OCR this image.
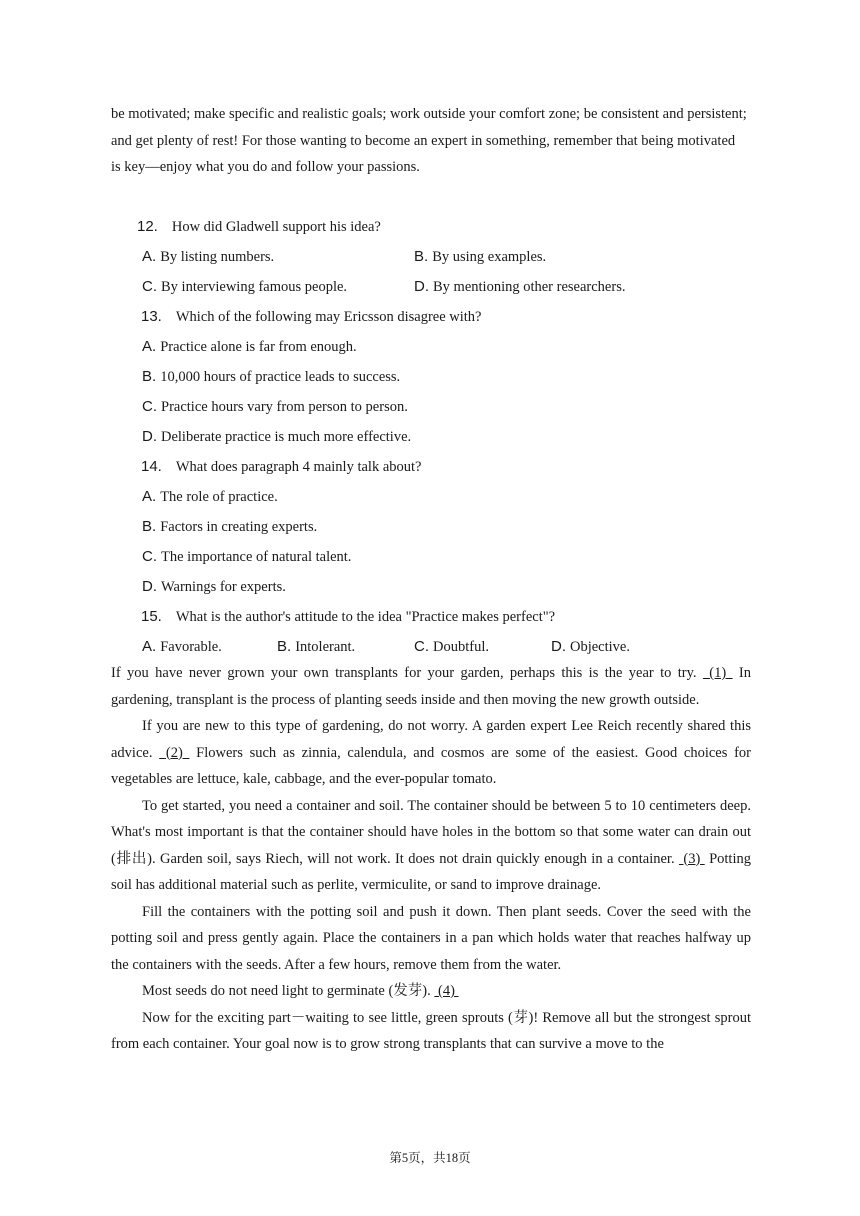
be motivated; make specific and realistic goals; work outside your comfort zone; be consistent and persistent; and get plenty of rest! For those wanting to become an expert in something, remember that being motivated is key—enjoy what you do and follow your passions.

12. How did Gladwell support his idea?
A. By listing numbers.	B. By using examples.
C. By interviewing famous people.	D. By mentioning other researchers.
13. Which of the following may Ericsson disagree with?
A. Practice alone is far from enough.
B. 10,000 hours of practice leads to success.
C. Practice hours vary from person to person.
D. Deliberate practice is much more effective.
14. What does paragraph 4 mainly talk about?
A. The role of practice.
B. Factors in creating experts.
C. The importance of natural talent.
D. Warnings for experts.
15. What is the author's attitude to the idea "Practice makes perfect"?
A. Favorable.	B. Intolerant.	C. Doubtful.	D. Objective.

If you have never grown your own transplants for your garden, perhaps this is the year to try.  (1)  In gardening, transplant is the process of planting seeds inside and then moving the new growth outside.

If you are new to this type of gardening, do not worry. A garden expert Lee Reich recently shared this advice.  (2)  Flowers such as zinnia, calendula, and cosmos are some of the easiest. Good choices for vegetables are lettuce, kale, cabbage, and the ever-popular tomato.

To get started, you need a container and soil. The container should be between 5 to 10 centimeters deep. What's most important is that the container should have holes in the bottom so that some water can drain out (排出). Garden soil, says Riech, will not work. It does not drain quickly enough in a container.  (3)  Potting soil has additional material such as perlite, vermiculite, or sand to improve drainage.

Fill the containers with the potting soil and push it down. Then plant seeds. Cover the seed with the potting soil and press gently again. Place the containers in a pan which holds water that reaches halfway up the containers with the seeds. After a few hours, remove them from the water.

Most seeds do not need light to germinate (发芽).  (4)

Now for the exciting part－waiting to see little, green sprouts (芽)! Remove all but the strongest sprout from each container. Your goal now is to grow strong transplants that can survive a move to the

第5页，共18页
